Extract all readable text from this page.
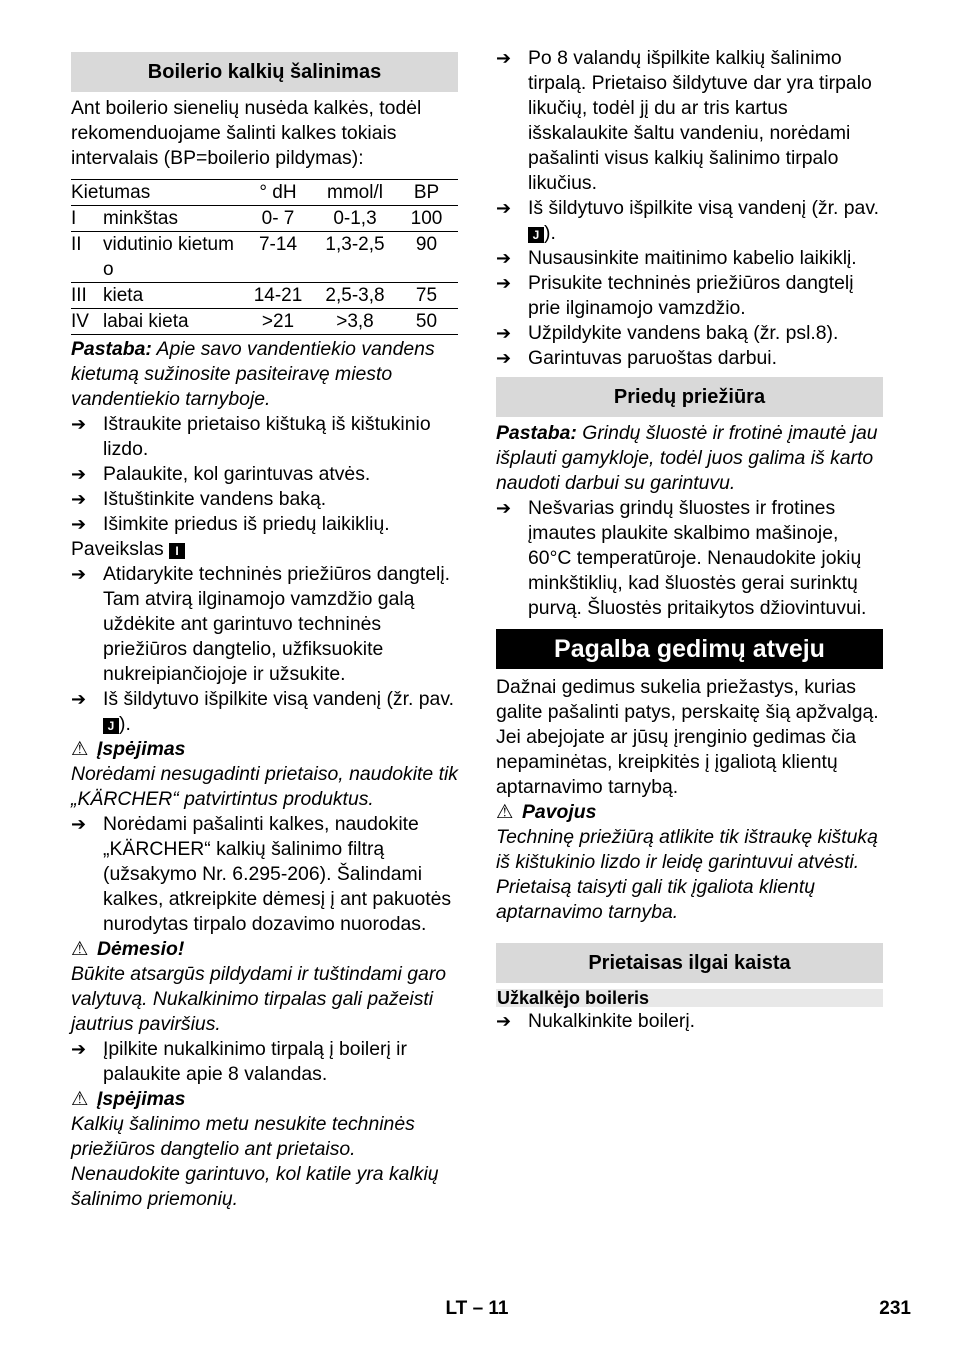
Boilerio kalkių šalinimas

Ant boilerio sienelių nusėda kalkės, todėl rekomenduojame šalinti kalkes tokiais intervalais (BP=boilerio pildymas):

Kietumas		° dH	mmol/l	BP
I	minkštas	0- 7	0-1,3	100
II	vidutinio kietumo	7-14	1,3-2,5	90
III	kieta	14-21	2,5-3,8	75
IV	labai kieta	>21	>3,8	50

Pastaba: Apie savo vandentiekio vandens kietumą sužinosite pasiteiravę miesto vandentiekio tarnyboje.

➔ Ištraukite prietaiso kištuką iš kištukinio lizdo.
➔ Palaukite, kol garintuvas atvės.
➔ Ištuštinkite vandens baką.
➔ Išimkite priedus iš priedų laikiklių.

Paveikslas I

➔ Atidarykite techninės priežiūros dangtelį. Tam atvirą ilginamojo vamzdžio galą uždėkite ant garintuvo techninės priežiūros dangtelio, užfiksuokite nukreipiančiojoje ir užsukite.
➔ Iš šildytuvo išpilkite visą vandenį (žr. pav. J ).
⚠ Įspėjimas

Norėdami nesugadinti prietaiso, naudokite tik „KÄRCHER“ patvirtintus produktus.

➔ Norėdami pašalinti kalkes, naudokite „KÄRCHER“ kalkių šalinimo filtrą (užsakymo Nr. 6.295-206). Šalindami kalkes, atkreipkite dėmesį į ant pakuotės nurodytas tirpalo dozavimo nuorodas.
⚠ Dėmesio!

Būkite atsargūs pildydami ir tuštindami garo valytuvą. Nukalkinimo tirpalas gali pažeisti jautrius paviršius.

➔ Įpilkite nukalkinimo tirpalą į boilerį ir palaukite apie 8 valandas.
⚠ Įspėjimas

Kalkių šalinimo metu nesukite techninės priežiūros dangtelio ant prietaiso. Nenaudokite garintuvo, kol katile yra kalkių šalinimo priemonių.

➔ Po 8 valandų išpilkite kalkių šalinimo tirpalą. Prietaiso šildytuve dar yra tirpalo likučių, todėl jį du ar tris kartus išskalaukite šaltu vandeniu, norėdami pašalinti visus kalkių šalinimo tirpalo likučius.
➔ Iš šildytuvo išpilkite visą vandenį (žr. pav. J ).
➔ Nusausinkite maitinimo kabelio laikiklį.
➔ Prisukite techninės priežiūros dangtelį prie ilginamojo vamzdžio.
➔ Užpildykite vandens baką (žr. psl.8).
➔ Garintuvas paruoštas darbui.
Priedų priežiūra

Pastaba: Grindų šluostė ir frotinė įmautė jau išplauti gamykloje, todėl juos galima iš karto naudoti darbui su garintuvu.

➔ Nešvarias grindų šluostes ir frotines įmautes plaukite skalbimo mašinoje, 60°C temperatūroje. Nenaudokite jokių minkštiklių, kad šluostės gerai surinktų purvą. Šluostės pritaikytos džiovintuvui.
Pagalba gedimų atveju

Dažnai gedimus sukelia priežastys, kurias galite pašalinti patys, perskaitę šią apžvalgą. Jei abejojate ar jūsų įrenginio gedimas čia nepaminėtas, kreipkitės į įgaliotą klientų aptarnavimo tarnybą.

⚠ Pavojus

Techninę priežiūrą atlikite tik ištraukę kištuką iš kištukinio lizdo ir leidę garintuvui atvėsti.

Prietaisą taisyti gali tik įgaliota klientų aptarnavimo tarnyba.

Prietaisas ilgai kaista
Užkalkėjo boileris
➔ Nukalkinkite boilerį.
LT – 11	231
